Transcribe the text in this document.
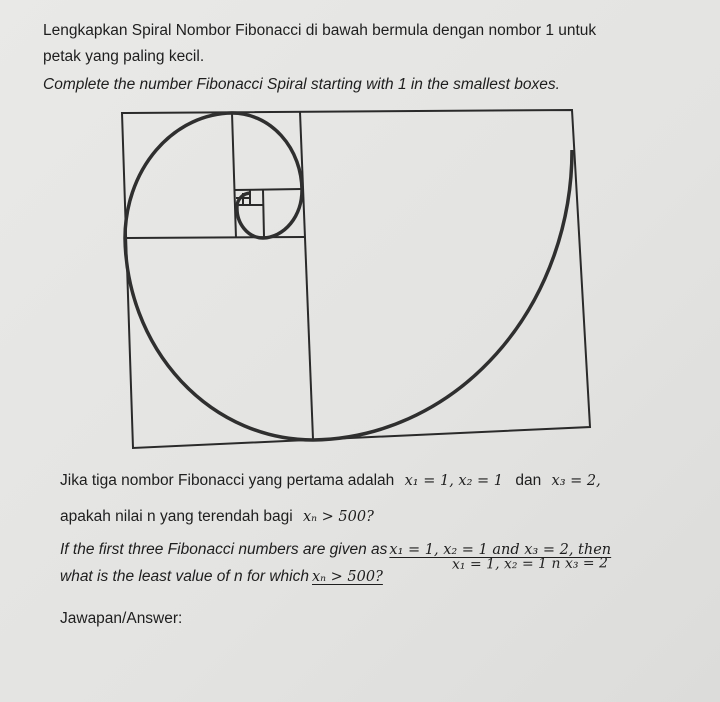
Lengkapkan Spiral Nombor Fibonacci di bawah bermula dengan nombor 1 untuk
petak yang paling kecil.
Complete the number Fibonacci Spiral starting with 1 in the smallest boxes.
Jika tiga nombor Fibonacci yang pertama adalah x₁ = 1, x₂ = 1 dan x₃ = 2,
apakah nilai n yang terendah bagi xₙ > 500?
If the first three Fibonacci numbers are given as x₁ = 1, x₂ = 1 and x₃ = 2, then
x₁ = 1, x₂ = 1 n x₃ = 2
what is the least value of n for which xₙ > 500?
Jawapan/Answer:
